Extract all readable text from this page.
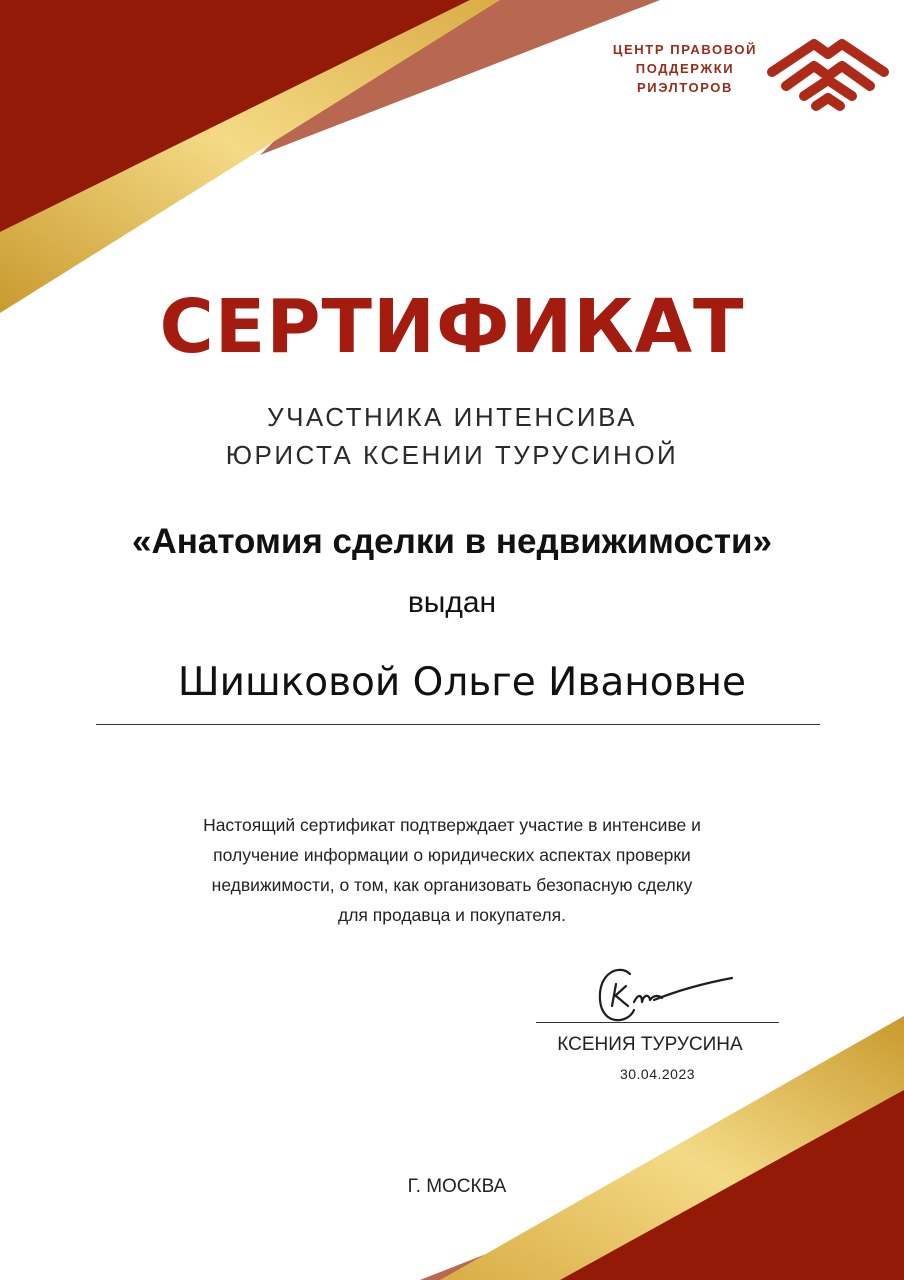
ЦЕНТР ПРАВОВОЙ
ПОДДЕРЖКИ
РИЭЛТОРОВ
СЕРТИФИКАТ
УЧАСТНИКА ИНТЕНСИВА
ЮРИСТА КСЕНИИ ТУРУСИНОЙ
«Анатомия сделки в недвижимости»
выдан
Шишковой Ольге Ивановне
Настоящий сертификат подтверждает участие в интенсиве и
получение информации о юридических аспектах проверки
недвижимости, о том, как организовать безопасную сделку
для продавца и покупателя.
КСЕНИЯ ТУРУСИНА
30.04.2023
Г. МОСКВА
